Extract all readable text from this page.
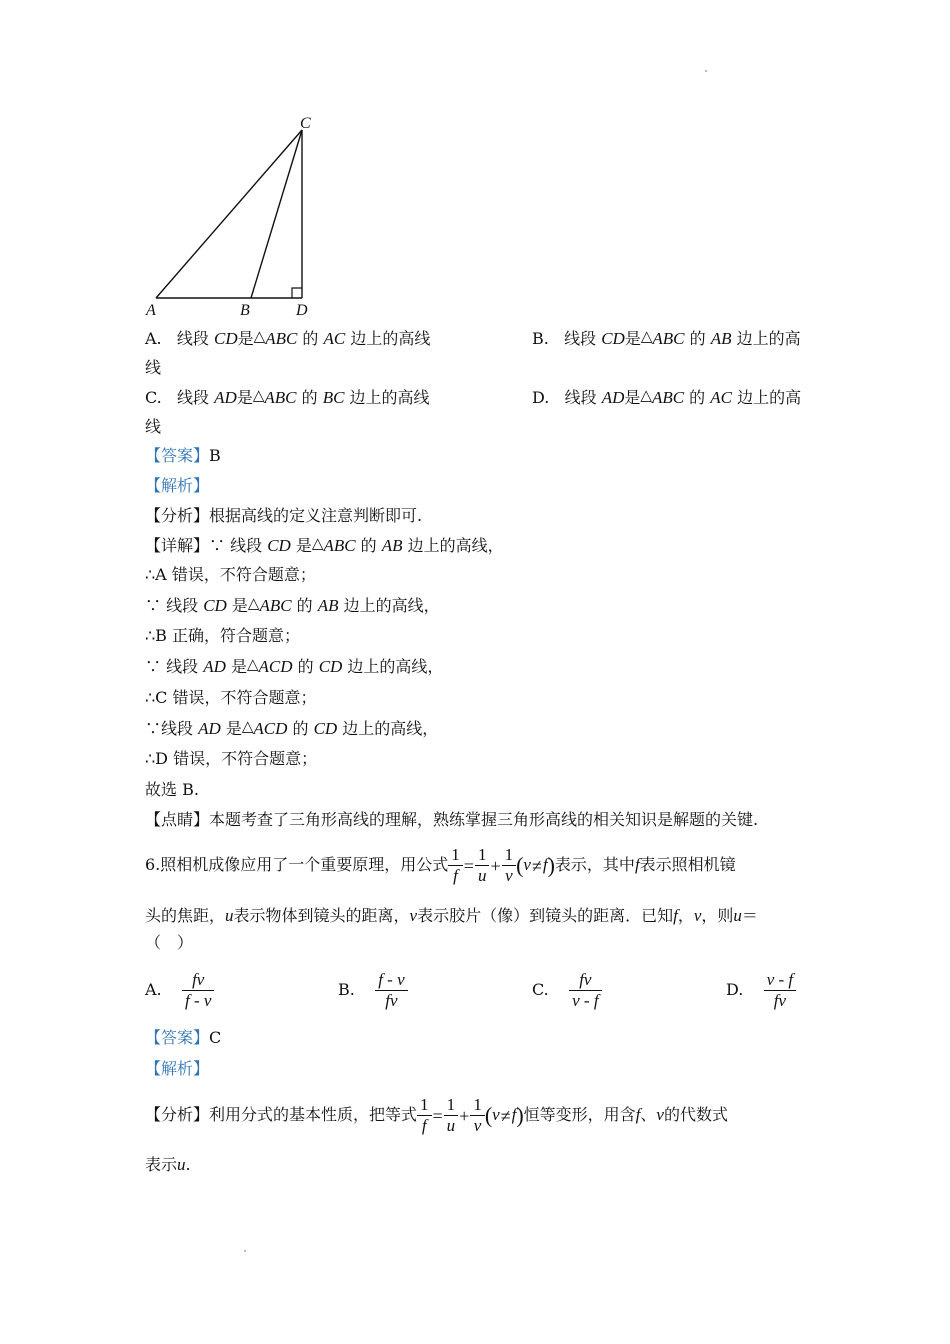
C
A	B	D
A. 线段 CD是△ABC 的 AC 边上的高线	B. 线段 CD是△ABC 的 AB 边上的高
线
C. 线段 AD是△ABC 的 BC 边上的高线	D. 线段 AD是△ABC 的 AC 边上的高
线
【答案】B
【解析】
【分析】根据高线的定义注意判断即可.
【详解】∵ 线段 CD 是△ABC 的 AB 边上的高线，
∴A 错误，不符合题意；
∵ 线段 CD 是△ABC 的 AB 边上的高线，
∴B 正确，符合题意；
∵ 线段 AD 是△ACD 的 CD 边上的高线，
∴C 错误，不符合题意；
∵线段 AD 是△ACD 的 CD 边上的高线，
∴D 错误，不符合题意；
故选 B.
【点睛】本题考查了三角形高线的理解，熟练掌握三角形高线的相关知识是解题的关键.
6.照相机成像应用了一个重要原理，用公式 $\frac{1}{f} = \frac{1}{u} + \frac{1}{v} (v\ne f)$表示，其中f表示照相机镜
头的焦距，u表示物体到镜头的距离，v表示胶片（像）到镜头的距离．已知f，v，则u＝
（　）
A. $\frac{fv}{f - v}$	B. $\frac{f - v}{fv}$	C. $\frac{fv}{v - f}$	D. $\frac{v - f}{fv}$
【答案】C
【解析】
【分析】利用分式的基本性质，把等式 $\frac{1}{f} = \frac{1}{u} + \frac{1}{v} (v\ne f)$恒等变形，用含f、v的代数式
表示u.
